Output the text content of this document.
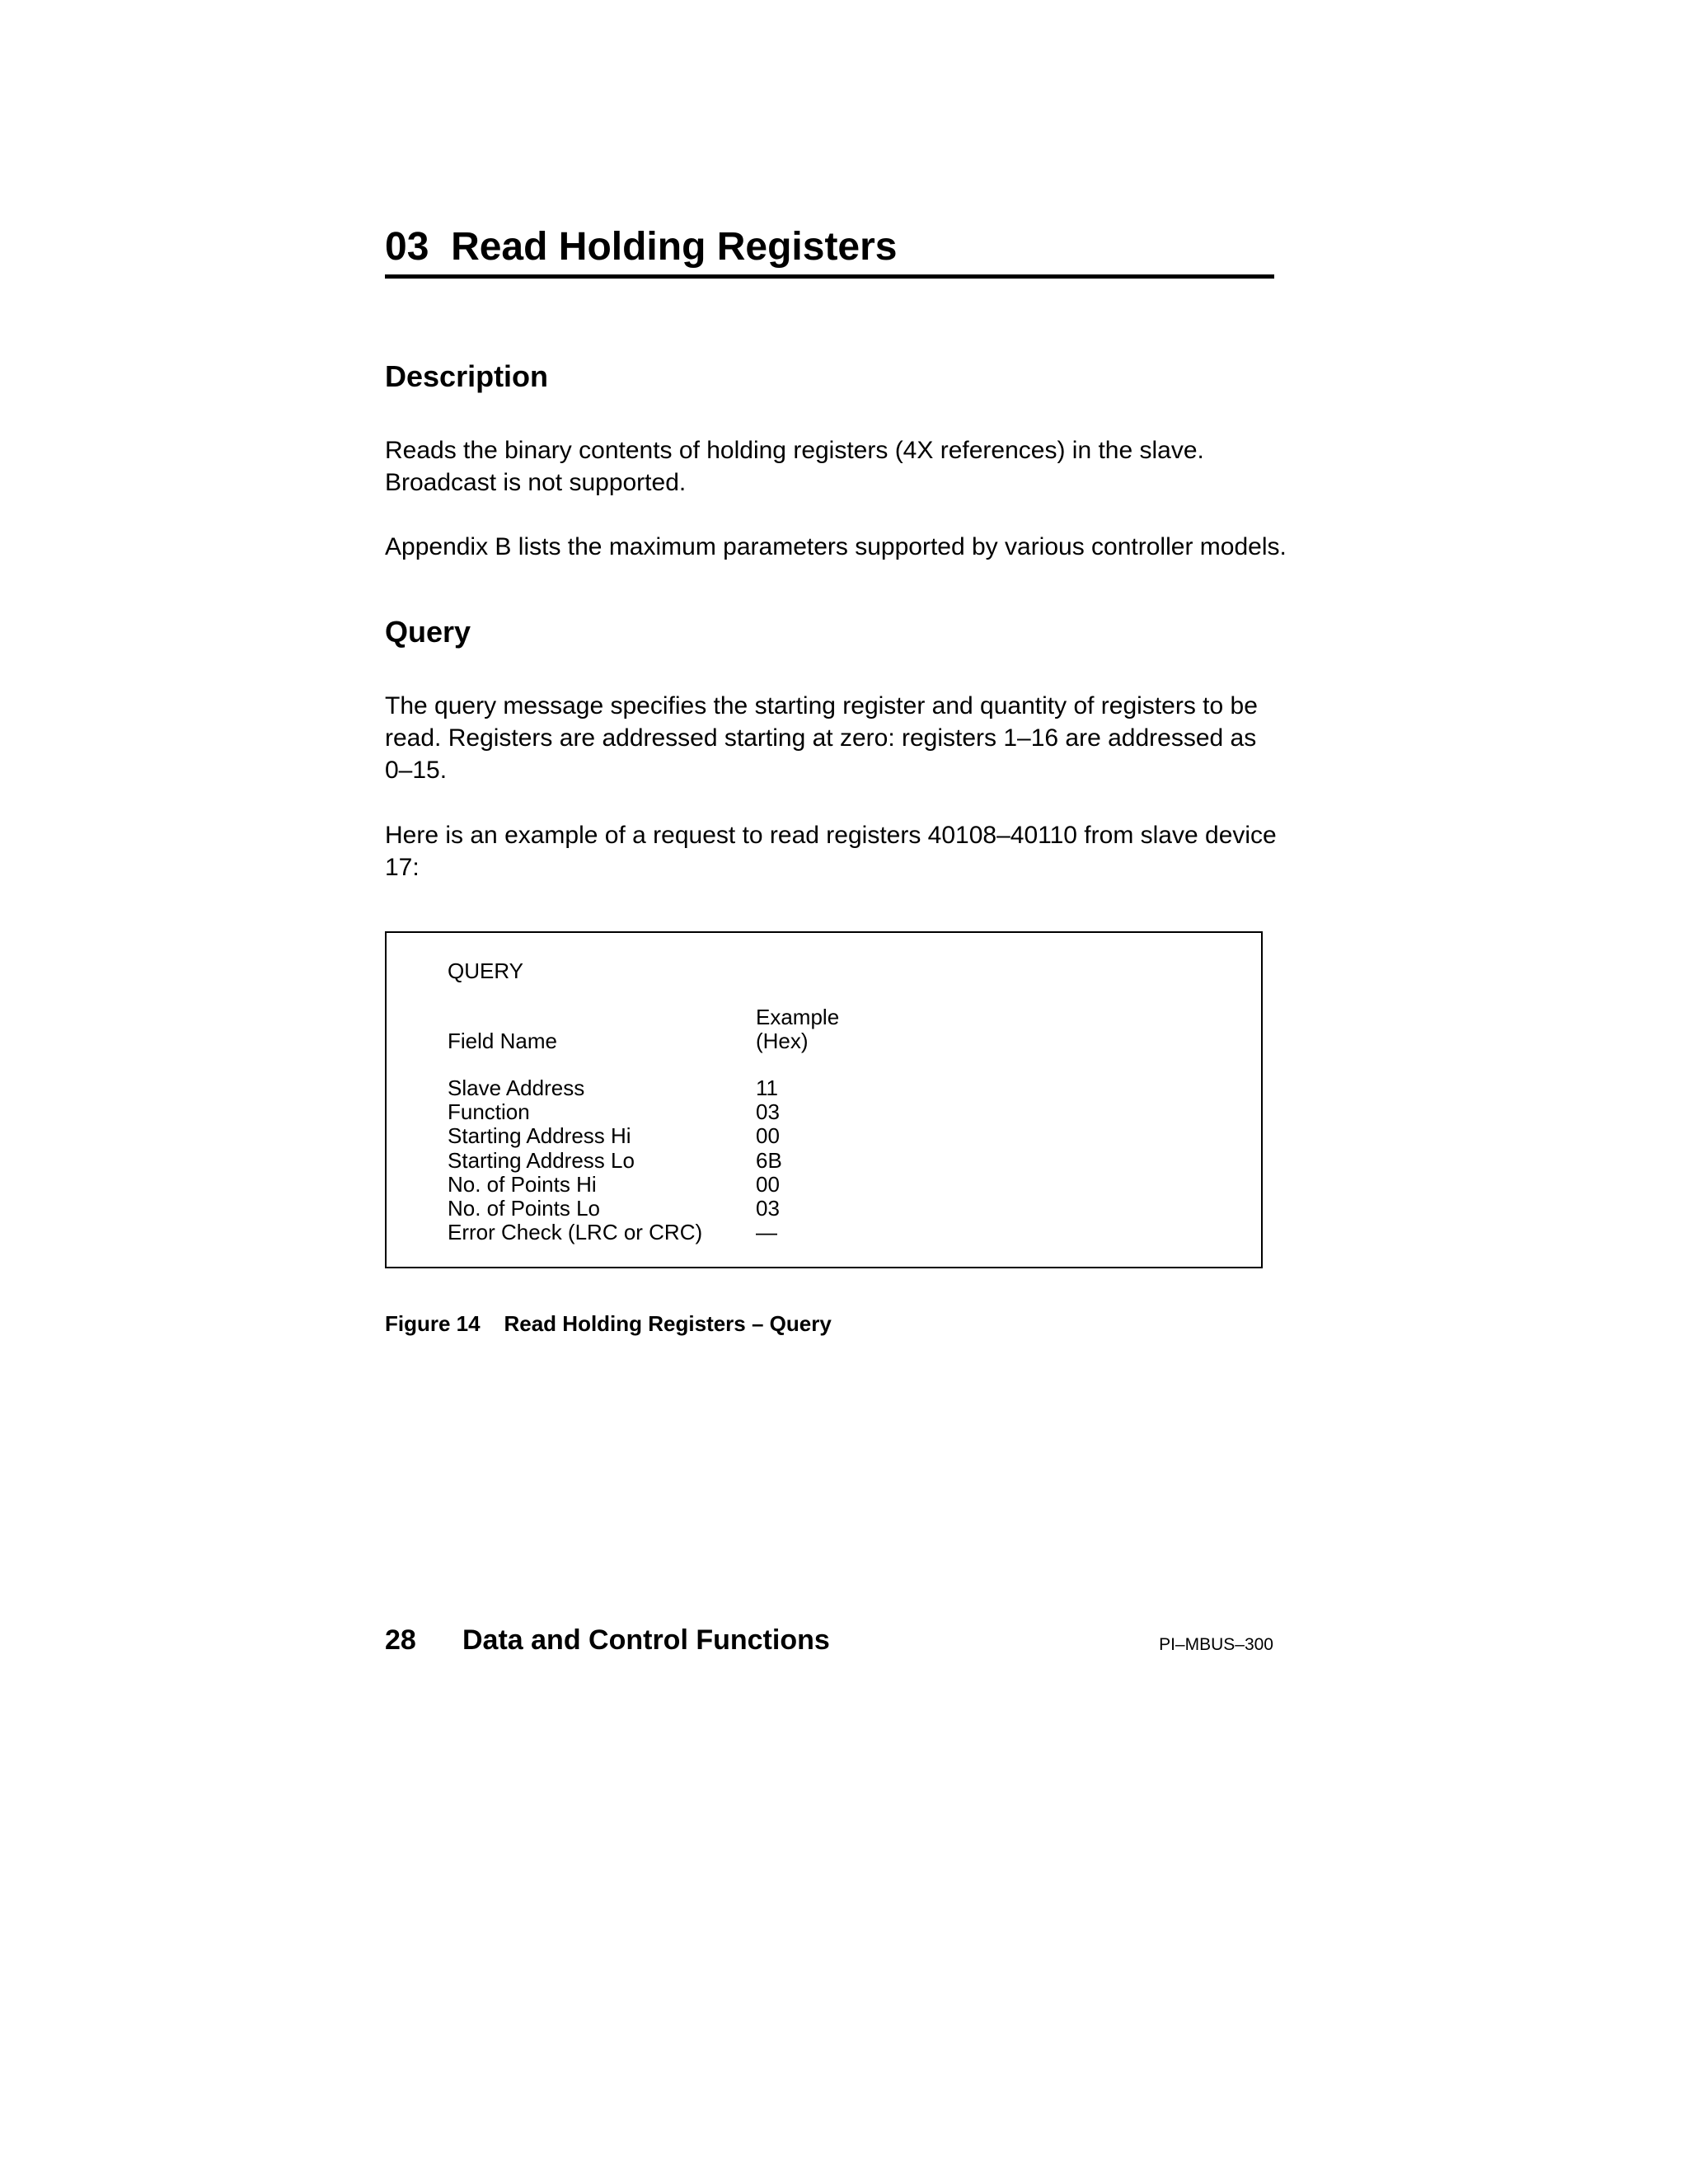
03  Read Holding Registers
Description
Reads the binary contents of holding registers (4X references) in the slave.
Broadcast is not supported.
Appendix B lists the maximum parameters supported by various controller models.
Query
The query message specifies the starting register and quantity of registers to be
read. Registers are addressed starting at zero: registers 1–16 are addressed as
0–15.
Here is an example of a request to read registers 40108–40110 from slave device
17:
QUERY
Example
Field Name	(Hex)
Slave Address
Function
Starting Address Hi
Starting Address Lo
No. of Points Hi
No. of Points Lo
Error Check (LRC or CRC)
11
03
00
6B
00
03
—
Figure 14    Read Holding Registers – Query
28 Data and Control Functions	PI–MBUS–300
